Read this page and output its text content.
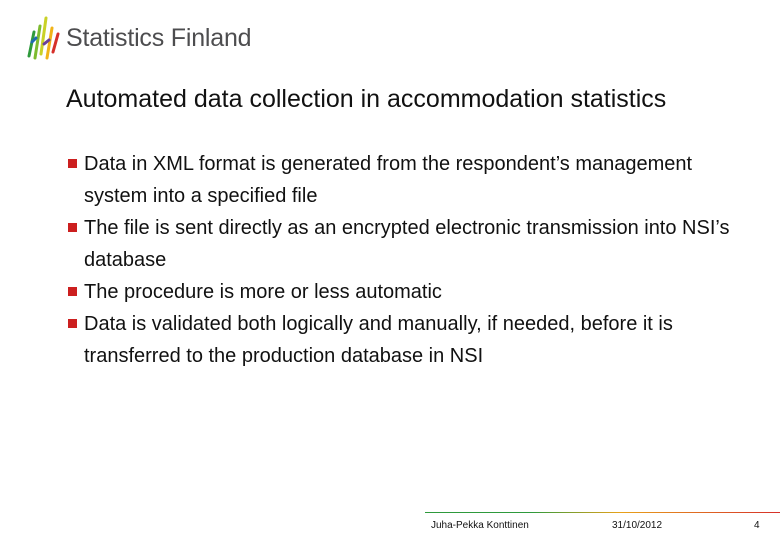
Statistics Finland
Automated data collection in accommodation statistics
Data in XML format is generated from the respondent’s management system into a specified file
The file is sent directly as an encrypted electronic transmission into NSI’s database
The procedure is more or less automatic
Data is validated both logically and manually, if needed, before it is transferred to the production database in NSI
Juha-Pekka Konttinen	31/10/2012	4
